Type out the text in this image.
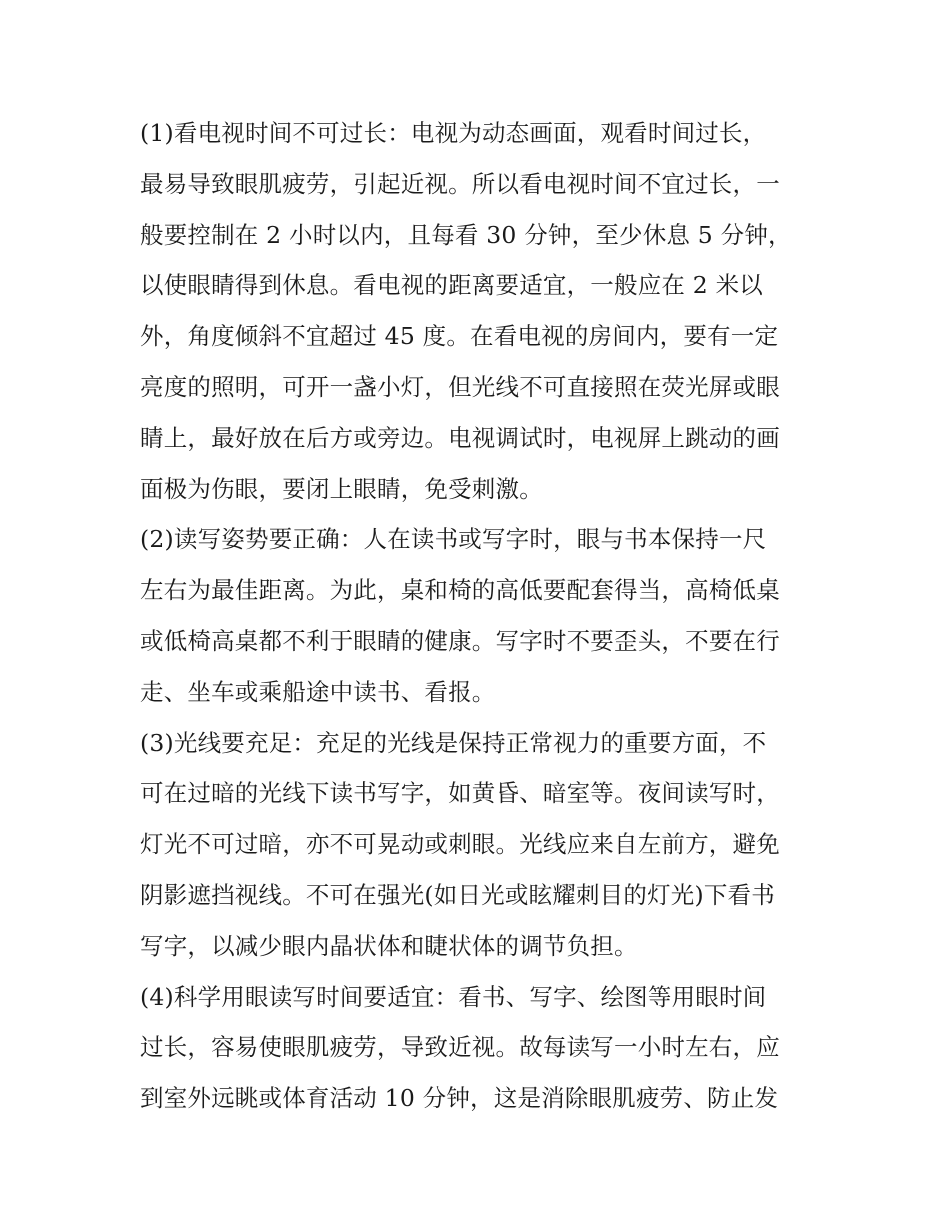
(1)看电视时间不可过长：电视为动态画面，观看时间过长，
最易导致眼肌疲劳，引起近视。所以看电视时间不宜过长，一
般要控制在 2 小时以内，且每看 30 分钟，至少休息 5 分钟，
以使眼睛得到休息。看电视的距离要适宜，一般应在 2 米以
外，角度倾斜不宜超过 45 度。在看电视的房间内，要有一定
亮度的照明，可开一盏小灯，但光线不可直接照在荧光屏或眼
睛上，最好放在后方或旁边。电视调试时，电视屏上跳动的画
面极为伤眼，要闭上眼睛，免受刺激。
(2)读写姿势要正确：人在读书或写字时，眼与书本保持一尺
左右为最佳距离。为此，桌和椅的高低要配套得当，高椅低桌
或低椅高桌都不利于眼睛的健康。写字时不要歪头，不要在行
走、坐车或乘船途中读书、看报。
(3)光线要充足：充足的光线是保持正常视力的重要方面，不
可在过暗的光线下读书写字，如黄昏、暗室等。夜间读写时，
灯光不可过暗，亦不可晃动或刺眼。光线应来自左前方，避免
阴影遮挡视线。不可在强光(如日光或眩耀刺目的灯光)下看书
写字，以减少眼内晶状体和睫状体的调节负担。
(4)科学用眼读写时间要适宜：看书、写字、绘图等用眼时间
过长，容易使眼肌疲劳，导致近视。故每读写一小时左右，应
到室外远眺或体育活动 10 分钟，这是消除眼肌疲劳、防止发
